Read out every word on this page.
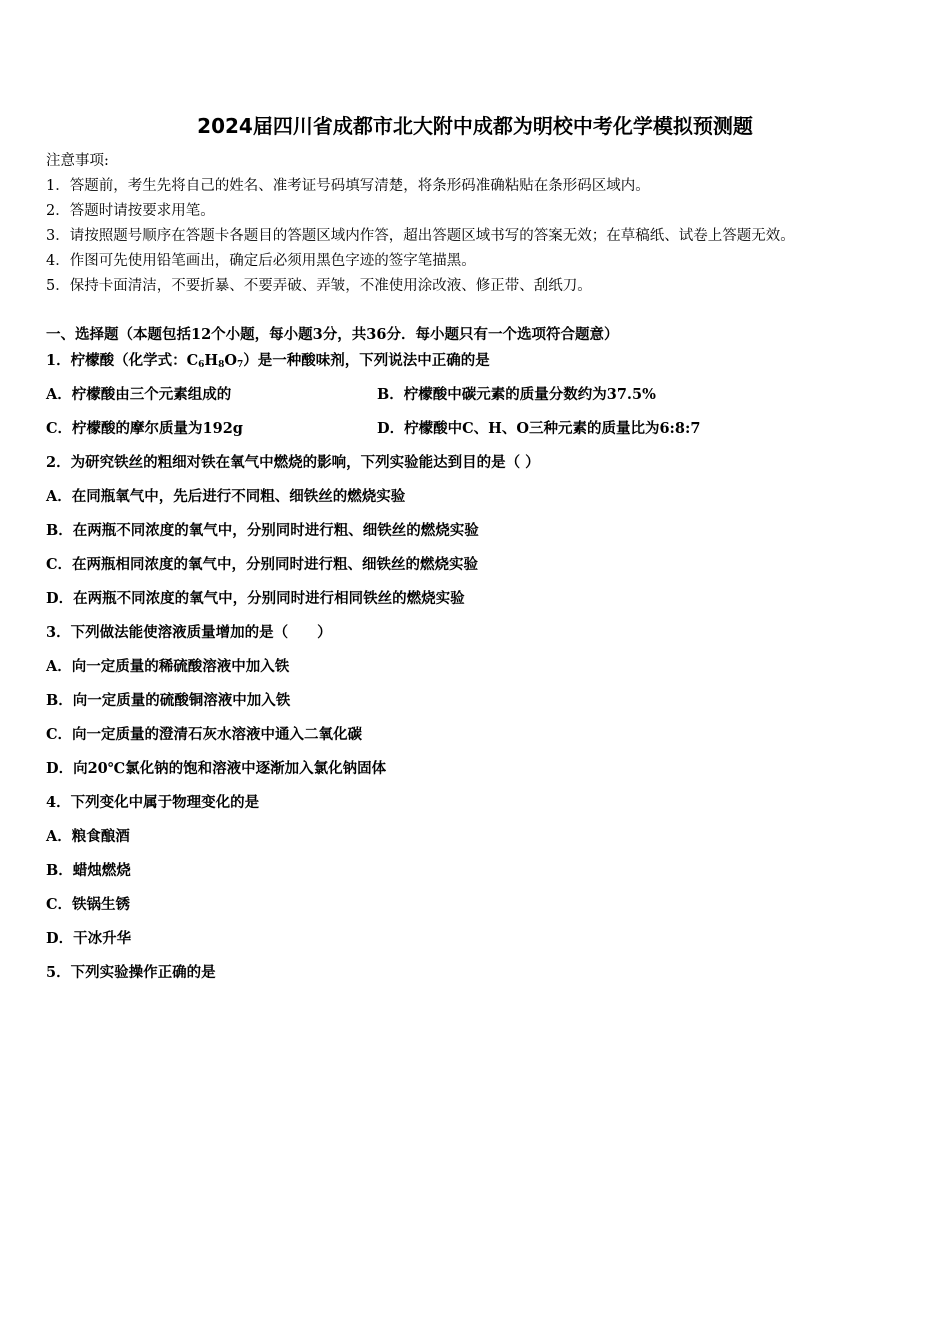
2024届四川省成都市北大附中成都为明校中考化学模拟预测题
注意事项:
1．答题前，考生先将自己的姓名、准考证号码填写清楚，将条形码准确粘贴在条形码区域内。
2．答题时请按要求用笔。
3．请按照题号顺序在答题卡各题目的答题区域内作答，超出答题区域书写的答案无效；在草稿纸、试卷上答题无效。
4．作图可先使用铅笔画出，确定后必须用黑色字迹的签字笔描黑。
5．保持卡面清洁，不要折暴、不要弄破、弄皱，不准使用涂改液、修正带、刮纸刀。
一、选择题（本题包括12个小题，每小题3分，共36分．每小题只有一个选项符合题意）
1．柠檬酸（化学式：$C_6H_8O_7$）是一种酸味剂，下列说法中正确的是
A．柠檬酸由三个元素组成的	B．柠檬酸中碳元素的质量分数约为37.5%
C．柠檬酸的摩尔质量为192g	D．柠檬酸中C、H、O三种元素的质量比为6:8:7
2．为研究铁丝的粗细对铁在氧气中燃烧的影响，下列实验能达到目的是（ ）
A．在同瓶氧气中，先后进行不同粗、细铁丝的燃烧实验
B．在两瓶不同浓度的氧气中，分别同时进行粗、细铁丝的燃烧实验
C．在两瓶相同浓度的氧气中，分别同时进行粗、细铁丝的燃烧实验
D．在两瓶不同浓度的氧气中，分别同时进行相同铁丝的燃烧实验
3．下列做法能使溶液质量增加的是（　　）
A．向一定质量的稀硫酸溶液中加入铁
B．向一定质量的硫酸铜溶液中加入铁
C．向一定质量的澄清石灰水溶液中通入二氧化碳
D．向20℃氯化钠的饱和溶液中逐渐加入氯化钠固体
4．下列变化中属于物理变化的是
A．粮食酿酒
B．蜡烛燃烧
C．铁锅生锈
D．干冰升华
5．下列实验操作正确的是
